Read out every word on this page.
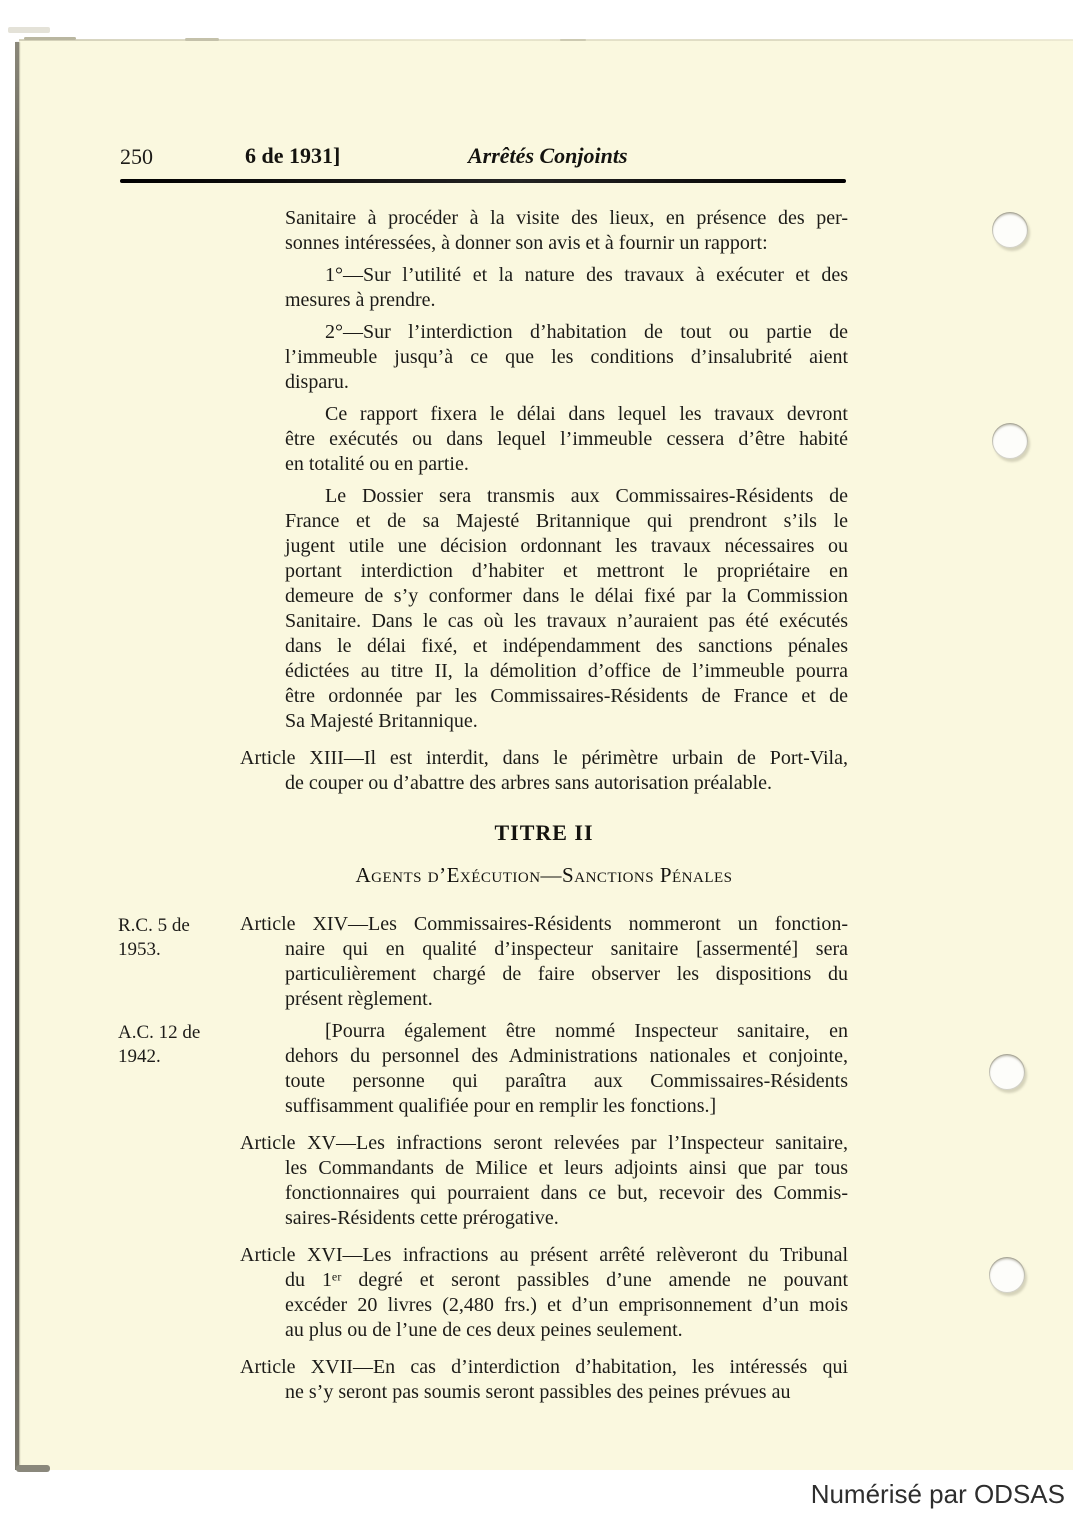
250	6 de 1931]	Arrêtés Conjoints
Sanitaire à procéder à la visite des lieux, en présence des per-
sonnes intéressées, à donner son avis et à fournir un rapport:
1°—Sur l’utilité et la nature des travaux à exécuter et des
mesures à prendre.
2°—Sur l’interdiction d’habitation de tout ou partie de
l’immeuble jusqu’à ce que les conditions d’insalubrité aient
disparu.
Ce rapport fixera le délai dans lequel les travaux devront
être exécutés ou dans lequel l’immeuble cessera d’être habité
en totalité ou en partie.
Le Dossier sera transmis aux Commissaires-Résidents de
France et de sa Majesté Britannique qui prendront s’ils le
jugent utile une décision ordonnant les travaux nécessaires ou
portant interdiction d’habiter et mettront le propriétaire en
demeure de s’y conformer dans le délai fixé par la Commission
Sanitaire. Dans le cas où les travaux n’auraient pas été exécutés
dans le délai fixé, et indépendamment des sanctions pénales
édictées au titre II, la démolition d’office de l’immeuble pourra
être ordonnée par les Commissaires-Résidents de France et de
Sa Majesté Britannique.
Article XIII—Il est interdit, dans le périmètre urbain de Port-Vila,
de couper ou d’abattre des arbres sans autorisation préalable.
TITRE II
Agents d’Exécution—Sanctions Pénales
R.C. 5 de
1953.
Article XIV—Les Commissaires-Résidents nommeront un fonction-
naire qui en qualité d’inspecteur sanitaire [assermenté] sera
particulièrement chargé de faire observer les dispositions du
présent règlement.
A.C. 12 de
1942.
[Pourra également être nommé Inspecteur sanitaire, en
dehors du personnel des Administrations nationales et conjointe,
toute personne qui paraîtra aux Commissaires-Résidents
suffisamment qualifiée pour en remplir les fonctions.]
Article XV—Les infractions seront relevées par l’Inspecteur sanitaire,
les Commandants de Milice et leurs adjoints ainsi que par tous
fonctionnaires qui pourraient dans ce but, recevoir des Commis-
saires-Résidents cette prérogative.
Article XVI—Les infractions au présent arrêté relèveront du Tribunal
du 1ᵉʳ degré et seront passibles d’une amende ne pouvant
excéder 20 livres (2,480 frs.) et d’un emprisonnement d’un mois
au plus ou de l’une de ces deux peines seulement.
Article XVII—En cas d’interdiction d’habitation, les intéressés qui
ne s’y seront pas soumis seront passibles des peines prévues au
Numérisé par ODSAS
